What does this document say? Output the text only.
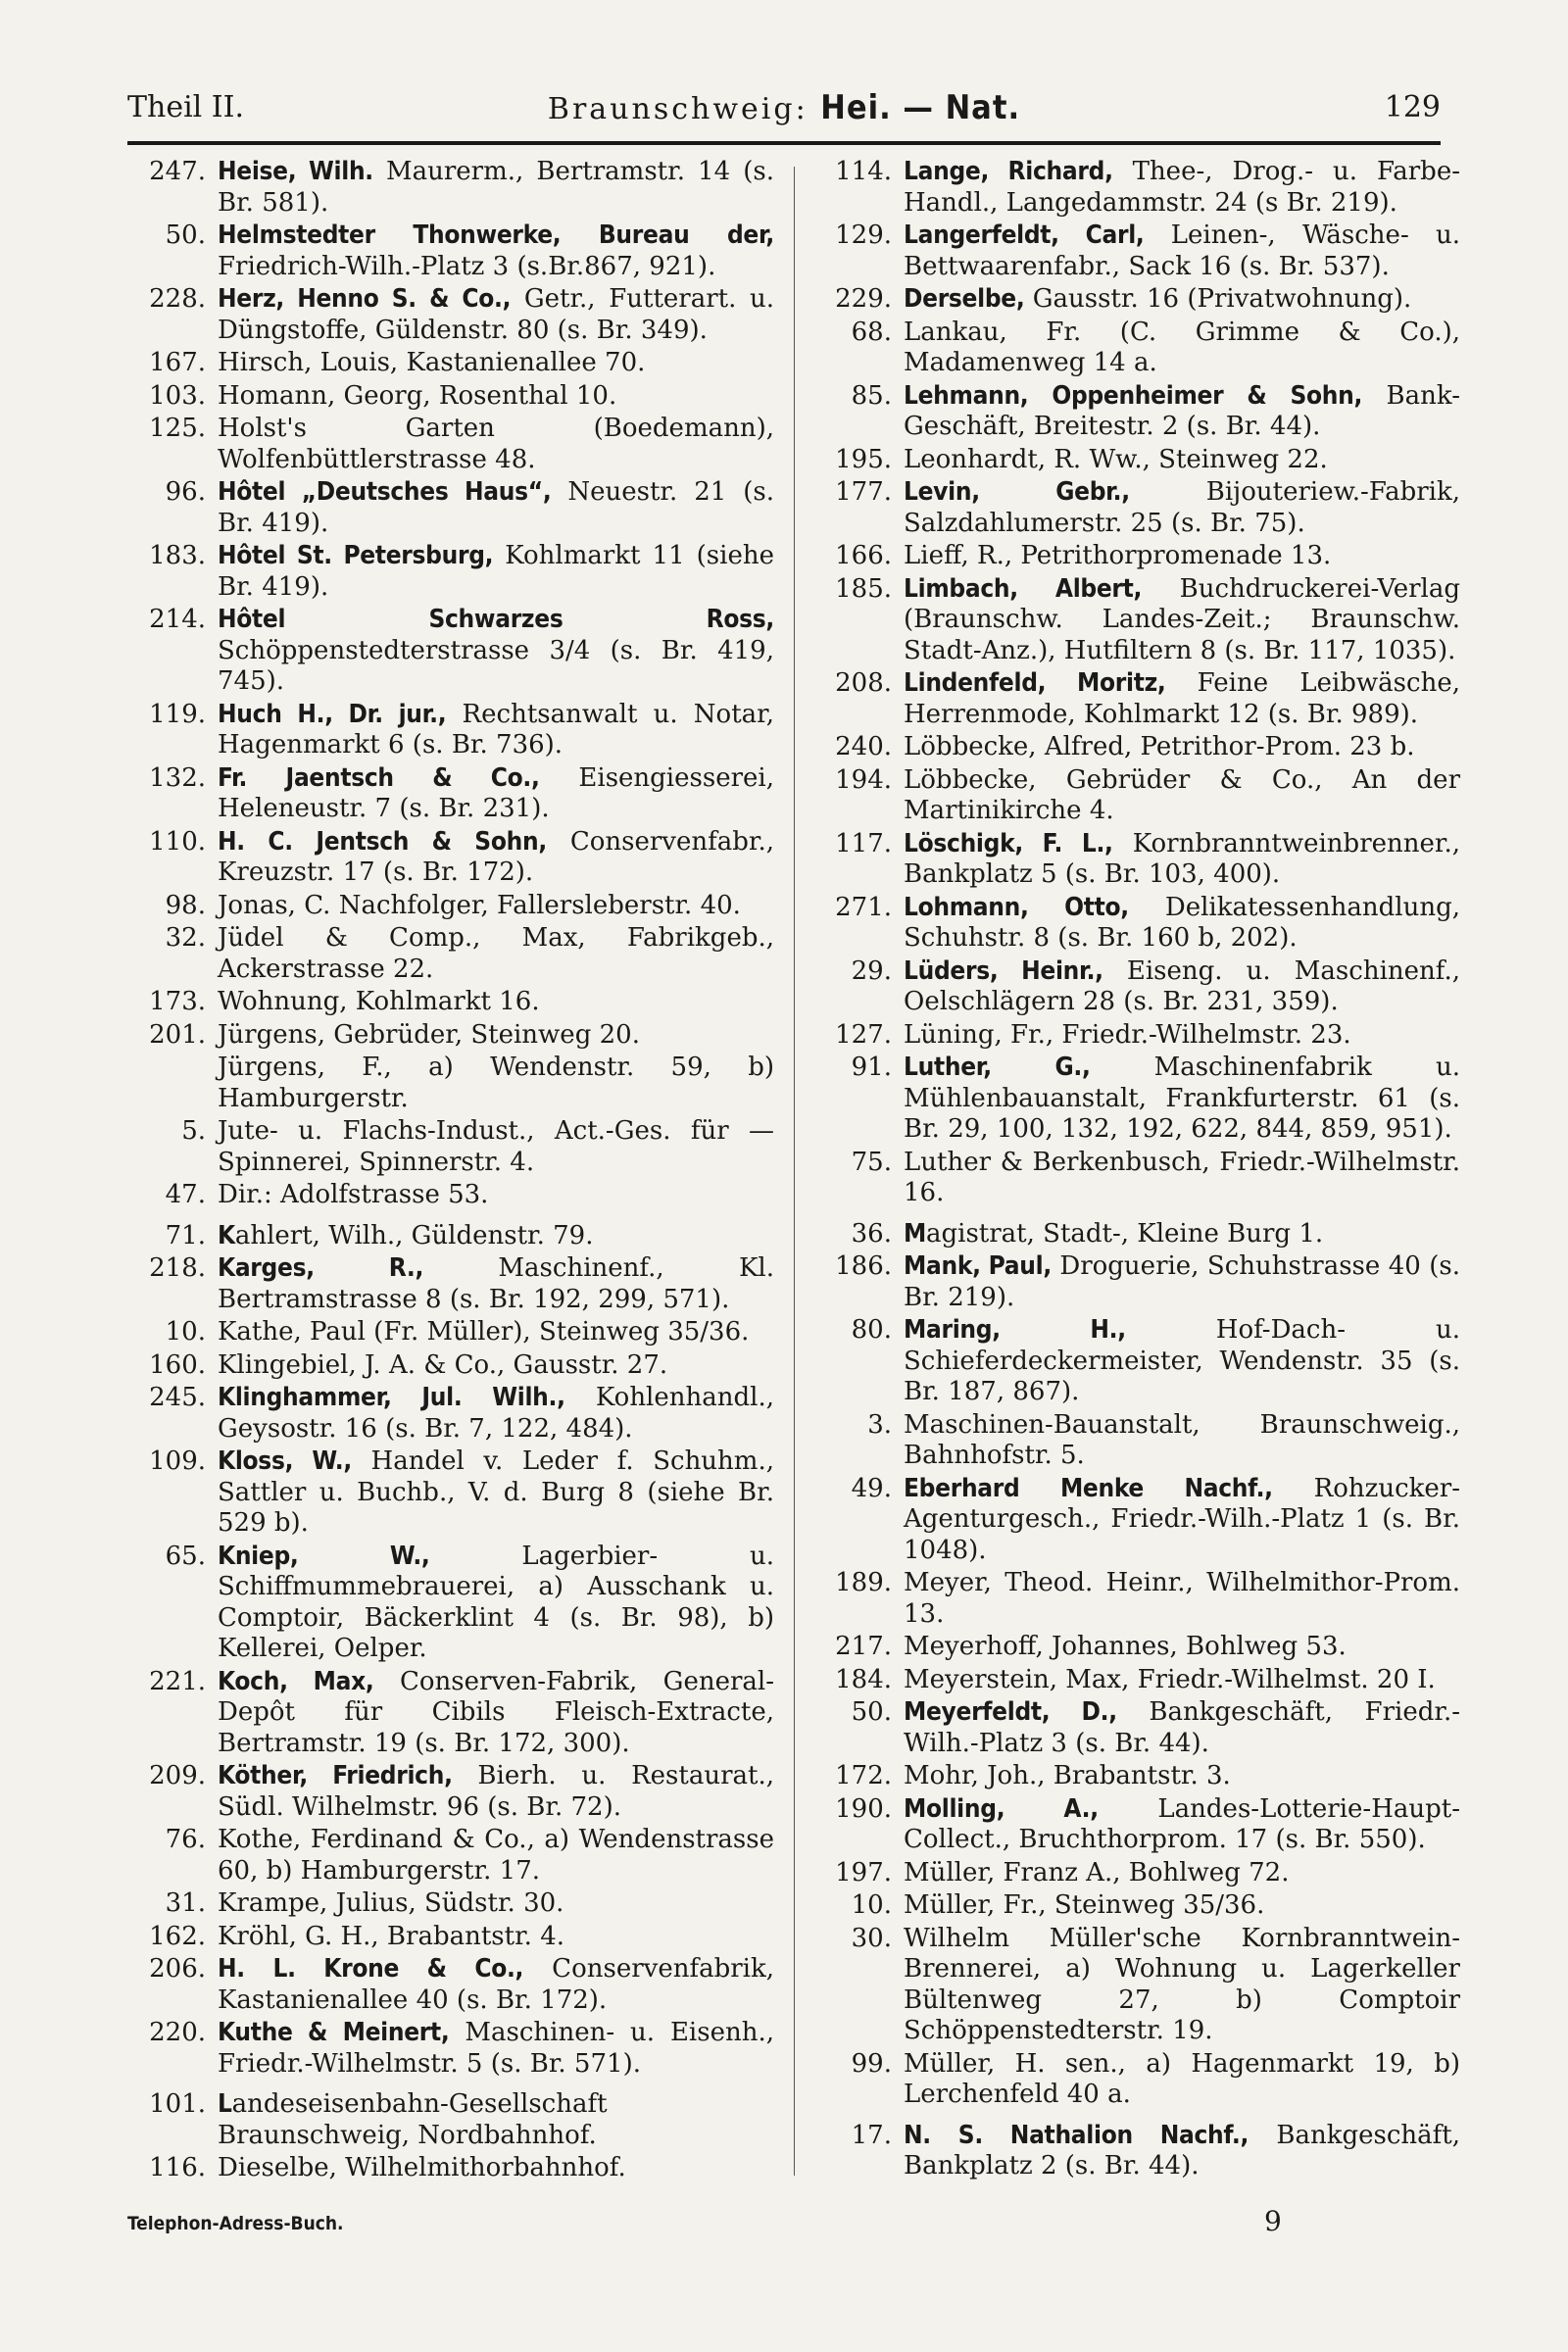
Theil II.	Braunschweig: Hei. — Nat.	129
247. Heise, Wilh. Maurerm., Bertramstr. 14 (s. Br. 581).
50. Helmstedter Thonwerke, Bureau der, Friedrich-Wilh.-Platz 3 (s.Br.867, 921).
228. Herz, Henno S. & Co., Getr., Futterart. u. Düngstoffe, Güldenstr. 80 (s. Br. 349).
167. Hirsch, Louis, Kastanienallee 70.
103. Homann, Georg, Rosenthal 10.
125. Holst's Garten (Boedemann), Wolfenbüttlerstrasse 48.
96. Hôtel „Deutsches Haus“, Neuestr. 21 (s. Br. 419).
183. Hôtel St. Petersburg, Kohlmarkt 11 (siehe Br. 419).
214. Hôtel Schwarzes Ross, Schöppenstedterstrasse 3/4 (s. Br. 419, 745).
119. Huch H., Dr. jur., Rechtsanwalt u. Notar, Hagenmarkt 6 (s. Br. 736).
132. Fr. Jaentsch & Co., Eisengiesserei, Heleneustr. 7 (s. Br. 231).
110. H. C. Jentsch & Sohn, Conservenfabr., Kreuzstr. 17 (s. Br. 172).
98. Jonas, C. Nachfolger, Fallersleberstr. 40.
32. Jüdel & Comp., Max, Fabrikgeb., Ackerstrasse 22.
173. Wohnung, Kohlmarkt 16.
201. Jürgens, Gebrüder, Steinweg 20.
Jürgens, F., a) Wendenstr. 59, b) Hamburgerstr.
5. Jute- u. Flachs-Indust., Act.-Ges. für — Spinnerei, Spinnerstr. 4.
47. Dir.: Adolfstrasse 53.
71. Kahlert, Wilh., Güldenstr. 79.
218. Karges, R., Maschinenf., Kl. Bertramstrasse 8 (s. Br. 192, 299, 571).
10. Kathe, Paul (Fr. Müller), Steinweg 35/36.
160. Klingebiel, J. A. & Co., Gausstr. 27.
245. Klinghammer, Jul. Wilh., Kohlenhandl., Geysostr. 16 (s. Br. 7, 122, 484).
109. Kloss, W., Handel v. Leder f. Schuhm., Sattler u. Buchb., V. d. Burg 8 (siehe Br. 529 b).
65. Kniep, W., Lagerbier- u. Schiffmummebrauerei, a) Ausschank u. Comptoir, Bäckerklint 4 (s. Br. 98), b) Kellerei, Oelper.
221. Koch, Max, Conserven-Fabrik, General-Depôt für Cibils Fleisch-Extracte, Bertramstr. 19 (s. Br. 172, 300).
209. Köther, Friedrich, Bierh. u. Restaurat., Südl. Wilhelmstr. 96 (s. Br. 72).
76. Kothe, Ferdinand & Co., a) Wendenstrasse 60, b) Hamburgerstr. 17.
31. Krampe, Julius, Südstr. 30.
162. Kröhl, G. H., Brabantstr. 4.
206. H. L. Krone & Co., Conservenfabrik, Kastanienallee 40 (s. Br. 172).
220. Kuthe & Meinert, Maschinen- u. Eisenh., Friedr.-Wilhelmstr. 5 (s. Br. 571).
101. Landeseisenbahn-Gesellschaft Braunschweig, Nordbahnhof.
116. Dieselbe, Wilhelmithorbahnhof.
114. Lange, Richard, Thee-, Drog.- u. Farbe-Handl., Langedammstr. 24 (s Br. 219).
129. Langerfeldt, Carl, Leinen-, Wäsche- u. Bettwaarenfabr., Sack 16 (s. Br. 537).
229. Derselbe, Gausstr. 16 (Privatwohnung).
68. Lankau, Fr. (C. Grimme & Co.), Madamenweg 14 a.
85. Lehmann, Oppenheimer & Sohn, Bank-Geschäft, Breitestr. 2 (s. Br. 44).
195. Leonhardt, R. Ww., Steinweg 22.
177. Levin, Gebr., Bijouteriew.-Fabrik, Salzdahlumerstr. 25 (s. Br. 75).
166. Lieff, R., Petrithorpromenade 13.
185. Limbach, Albert, Buchdruckerei-Verlag (Braunschw. Landes-Zeit.; Braunschw. Stadt-Anz.), Hutfiltern 8 (s. Br. 117, 1035).
208. Lindenfeld, Moritz, Feine Leibwäsche, Herrenmode, Kohlmarkt 12 (s. Br. 989).
240. Löbbecke, Alfred, Petrithor-Prom. 23 b.
194. Löbbecke, Gebrüder & Co., An der Martinikirche 4.
117. Löschigk, F. L., Kornbranntweinbrenner., Bankplatz 5 (s. Br. 103, 400).
271. Lohmann, Otto, Delikatessenhandlung, Schuhstr. 8 (s. Br. 160 b, 202).
29. Lüders, Heinr., Eiseng. u. Maschinenf., Oelschlägern 28 (s. Br. 231, 359).
127. Lüning, Fr., Friedr.-Wilhelmstr. 23.
91. Luther, G., Maschinenfabrik u. Mühlenbauanstalt, Frankfurterstr. 61 (s. Br. 29, 100, 132, 192, 622, 844, 859, 951).
75. Luther & Berkenbusch, Friedr.-Wilhelmstr. 16.
36. Magistrat, Stadt-, Kleine Burg 1.
186. Mank, Paul, Droguerie, Schuhstrasse 40 (s. Br. 219).
80. Maring, H., Hof-Dach- u. Schieferdeckermeister, Wendenstr. 35 (s. Br. 187, 867).
3. Maschinen-Bauanstalt, Braunschweig., Bahnhofstr. 5.
49. Eberhard Menke Nachf., Rohzucker-Agenturgesch., Friedr.-Wilh.-Platz 1 (s. Br. 1048).
189. Meyer, Theod. Heinr., Wilhelmithor-Prom. 13.
217. Meyerhoff, Johannes, Bohlweg 53.
184. Meyerstein, Max, Friedr.-Wilhelmst. 20 I.
50. Meyerfeldt, D., Bankgeschäft, Friedr.-Wilh.-Platz 3 (s. Br. 44).
172. Mohr, Joh., Brabantstr. 3.
190. Molling, A., Landes-Lotterie-Haupt-Collect., Bruchthorprom. 17 (s. Br. 550).
197. Müller, Franz A., Bohlweg 72.
10. Müller, Fr., Steinweg 35/36.
30. Wilhelm Müller'sche Kornbranntwein-Brennerei, a) Wohnung u. Lagerkeller Bültenweg 27, b) Comptoir Schöppenstedterstr. 19.
99. Müller, H. sen., a) Hagenmarkt 19, b) Lerchenfeld 40 a.
17. N. S. Nathalion Nachf., Bankgeschäft, Bankplatz 2 (s. Br. 44).
Telephon-Adress-Buch.	9
